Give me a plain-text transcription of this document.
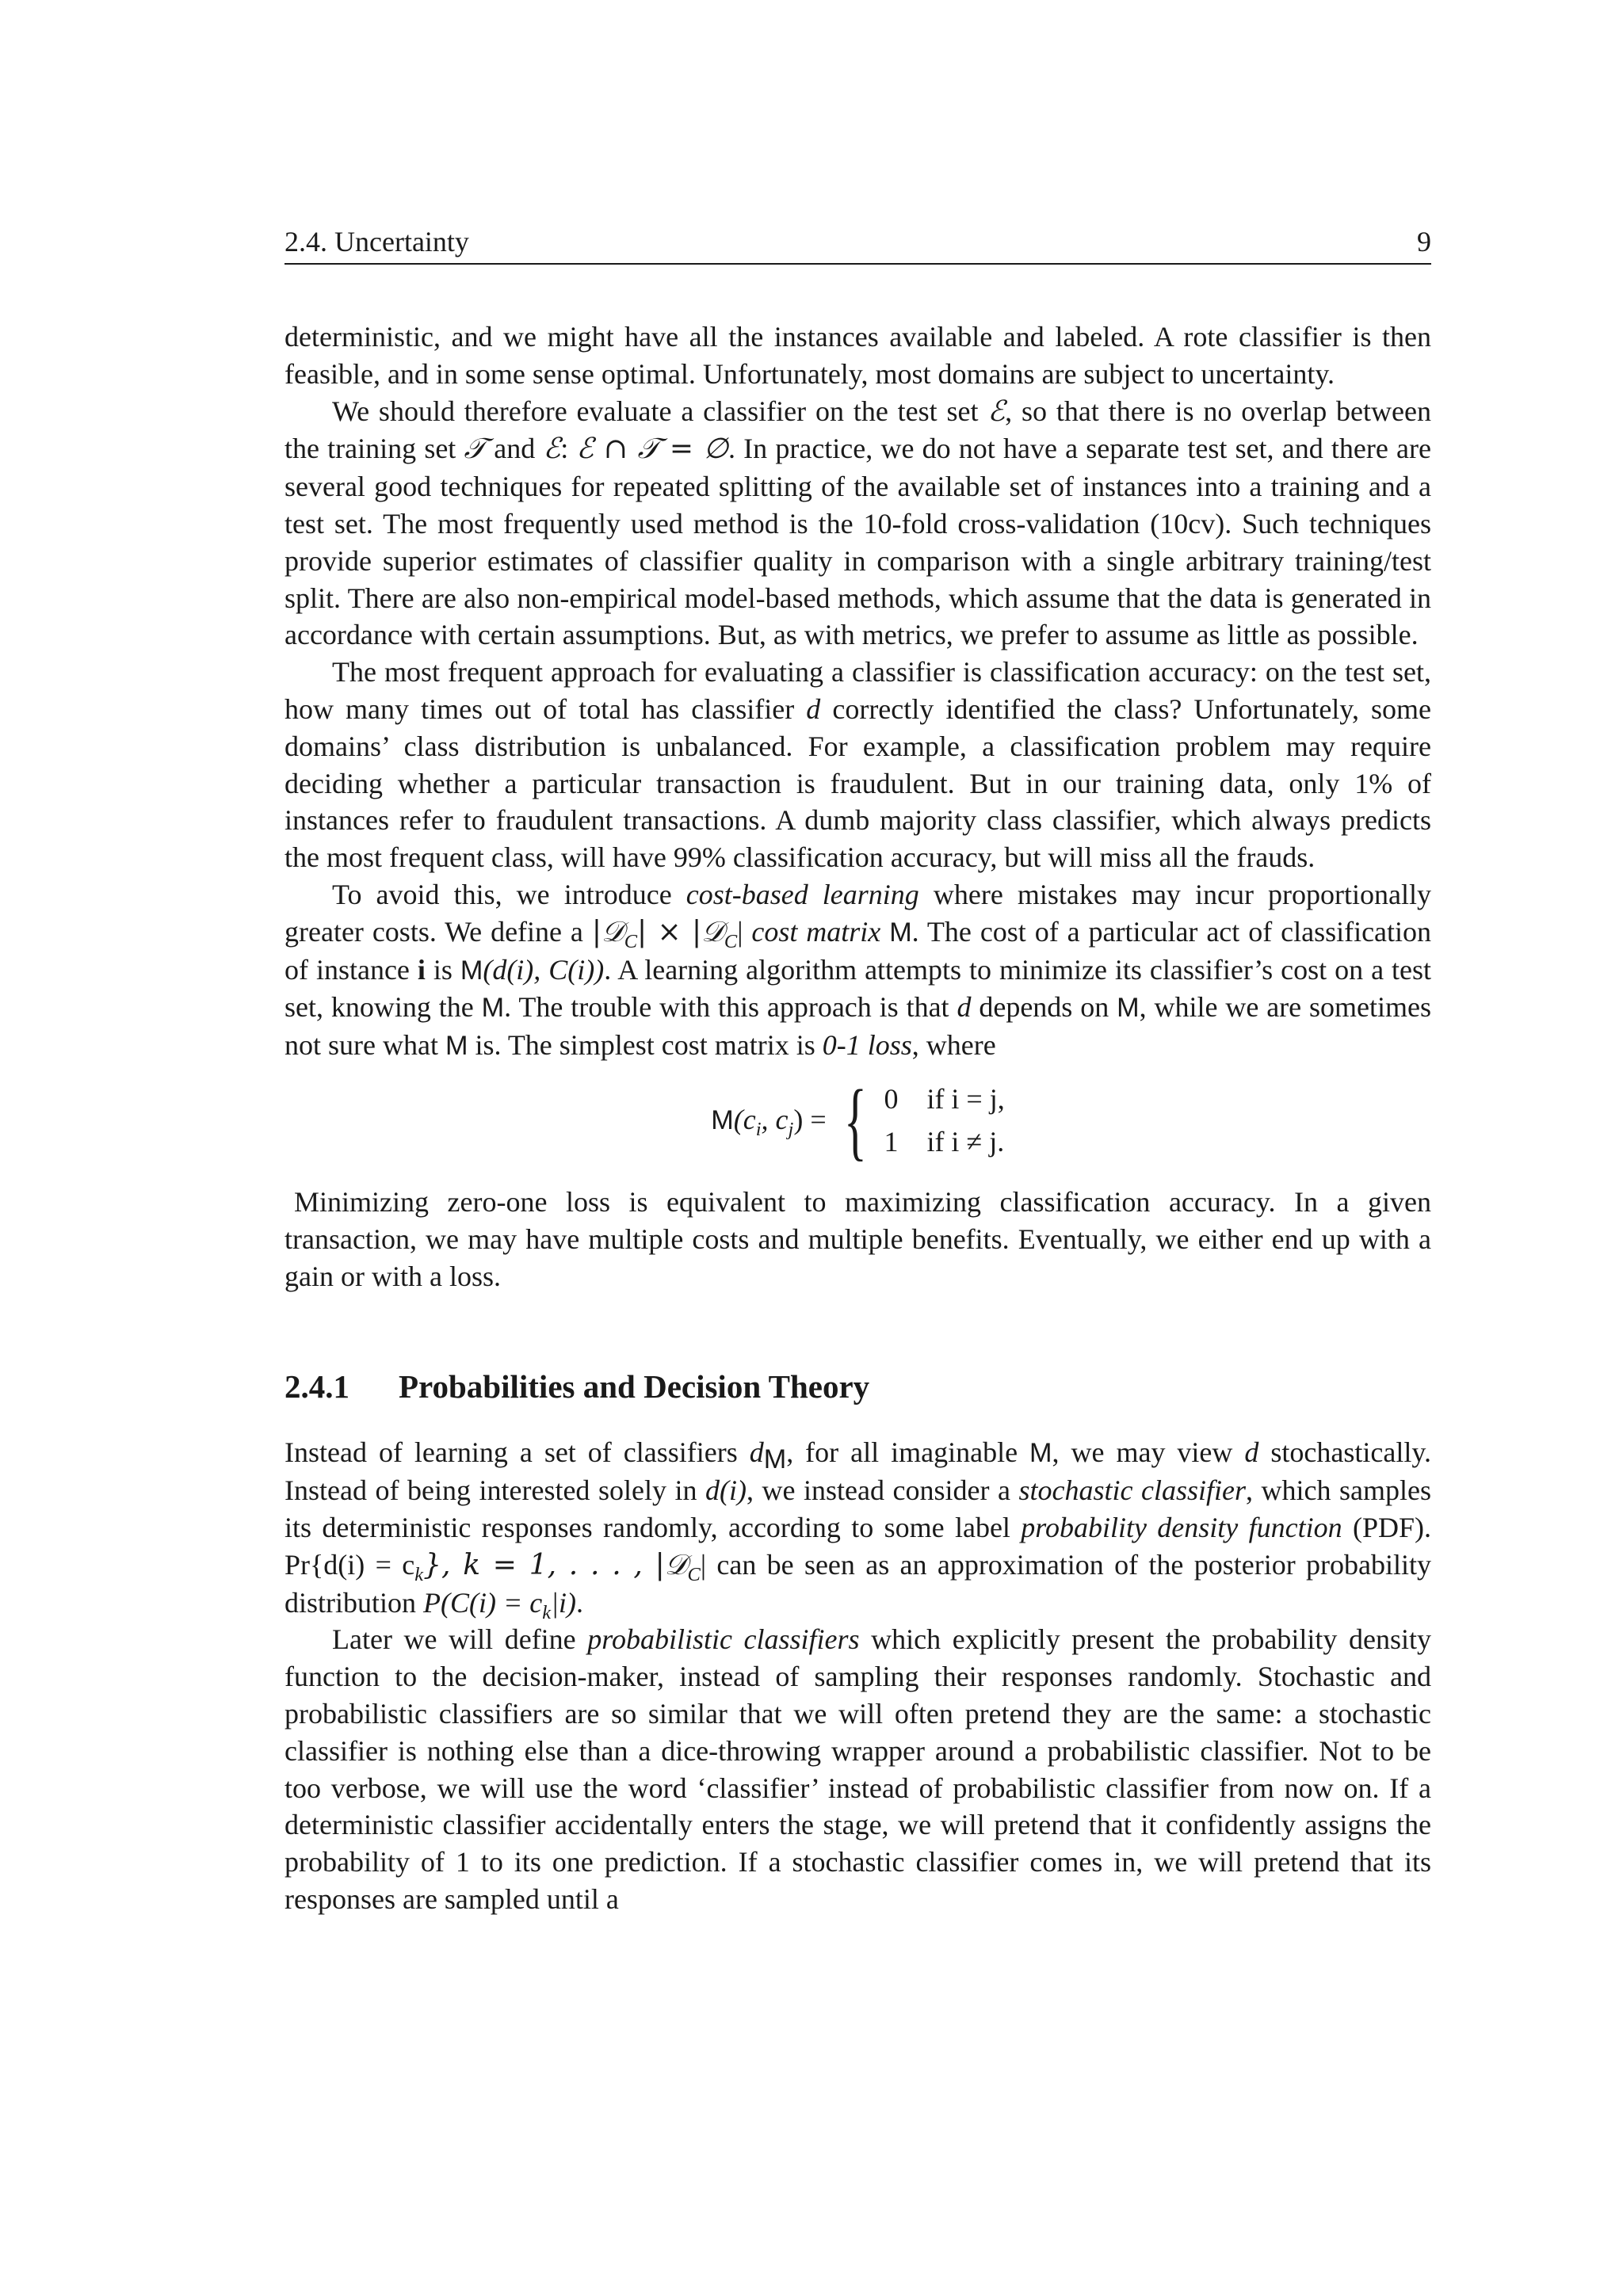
2.4. Uncertainty	9

deterministic, and we might have all the instances available and labeled. A rote classifier is then feasible, and in some sense optimal. Unfortunately, most domains are subject to uncertainty.

We should therefore evaluate a classifier on the test set ℰ, so that there is no overlap between the training set 𝒯 and ℰ: ℰ ∩ 𝒯 = ∅. In practice, we do not have a separate test set, and there are several good techniques for repeated splitting of the available set of instances into a training and a test set. The most frequently used method is the 10-fold cross-validation (10cv). Such techniques provide superior estimates of classifier quality in comparison with a single arbitrary training/test split. There are also non-empirical model-based methods, which assume that the data is generated in accordance with certain assumptions. But, as with metrics, we prefer to assume as little as possible.

The most frequent approach for evaluating a classifier is classification accuracy: on the test set, how many times out of total has classifier d correctly identified the class? Unfortunately, some domains’ class distribution is unbalanced. For example, a classification problem may require deciding whether a particular transaction is fraudulent. But in our training data, only 1% of instances refer to fraudulent transactions. A dumb majority class classifier, which always predicts the most frequent class, will have 99% classification accuracy, but will miss all the frauds.

To avoid this, we introduce cost-based learning where mistakes may incur proportionally greater costs. We define a |𝒟$_C$| × |𝒟$_C$| cost matrix M. The cost of a particular act of classification of instance i is M(d(i), C(i)). A learning algorithm attempts to minimize its classifier’s cost on a test set, knowing the M. The trouble with this approach is that d depends on M, while we are sometimes not sure what M is. The simplest cost matrix is 0-1 loss, where

$M(c_i$, $c_j$) = { 0 if i = j,
1 if i ≠ j.

Minimizing zero-one loss is equivalent to maximizing classification accuracy. In a given transaction, we may have multiple costs and multiple benefits. Eventually, we either end up with a gain or with a loss.

2.4.1 Probabilities and Decision Theory

Instead of learning a set of classifiers $d_M$, for all imaginable M, we may view d stochastically. Instead of being interested solely in d(i), we instead consider a stochastic classifier, which samples its deterministic responses randomly, according to some label probability density function (PDF). $Pr\{d(i) = c_k\}$, k = 1, . . . , |𝒟$_C$| can be seen as an approximation of the posterior probability distribution $P(C(i) = c_k|i)$.

Later we will define probabilistic classifiers which explicitly present the probability density function to the decision-maker, instead of sampling their responses randomly. Stochastic and probabilistic classifiers are so similar that we will often pretend they are the same: a stochastic classifier is nothing else than a dice-throwing wrapper around a probabilistic classifier. Not to be too verbose, we will use the word ‘classifier’ instead of probabilistic classifier from now on. If a deterministic classifier accidentally enters the stage, we will pretend that it confidently assigns the probability of 1 to its one prediction. If a stochastic classifier comes in, we will pretend that its responses are sampled until a
